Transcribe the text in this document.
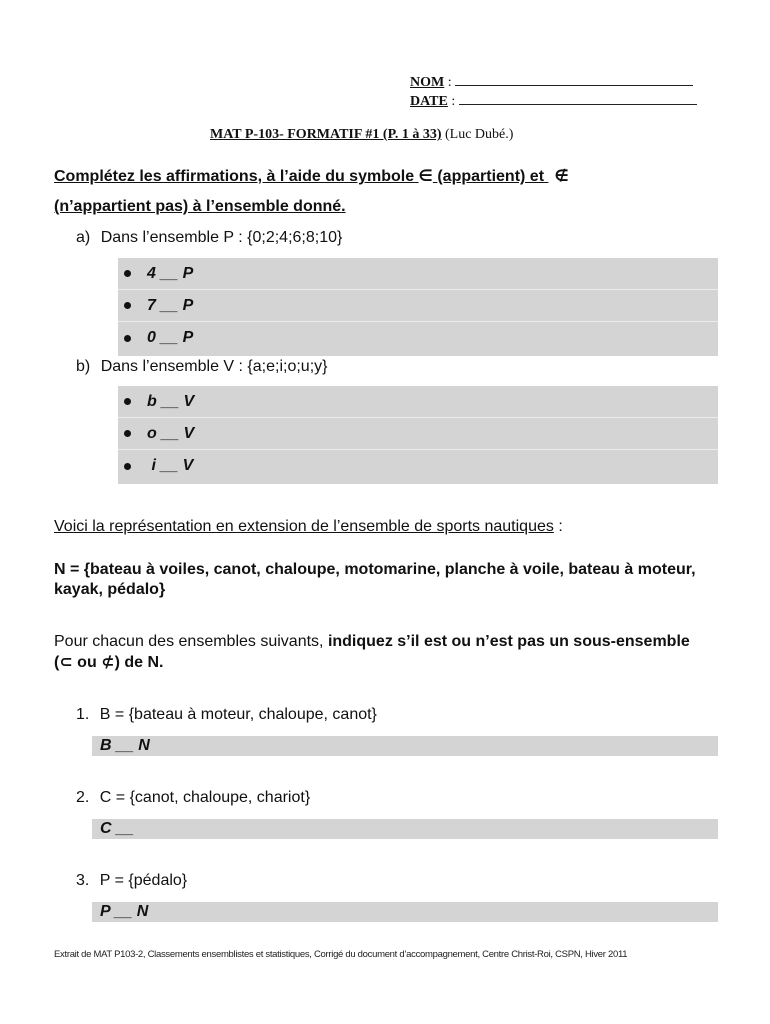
NOM :
DATE :
MAT P-103- FORMATIF #1 (P. 1 à 33) (Luc Dubé.)
Complétez les affirmations, à l’aide du symbole ∈ (appartient) et ∉
(n’appartient pas) à l’ensemble donné.
a) Dans l’ensemble P : {0;2;4;6;8;10}
4 __ P
7 __ P
0 __ P
b) Dans l’ensemble V : {a;e;i;o;u;y}
b __ V
o __ V
i __ V
Voici la représentation en extension de l’ensemble de sports nautiques :
N = {bateau à voiles, canot, chaloupe, motomarine, planche à voile, bateau à moteur, kayak, pédalo}
Pour chacun des ensembles suivants, indiquez s’il est ou n’est pas un sous-ensemble (⊂ ou ⊄) de N.
1. B = {bateau à moteur, chaloupe, canot}
B __ N
2. C = {canot, chaloupe, chariot}
C __
3. P = {pédalo}
P __ N
Extrait de MAT P103-2, Classements ensemblistes et statistiques, Corrigé du document d’accompagnement, Centre Christ-Roi, CSPN, Hiver 2011
